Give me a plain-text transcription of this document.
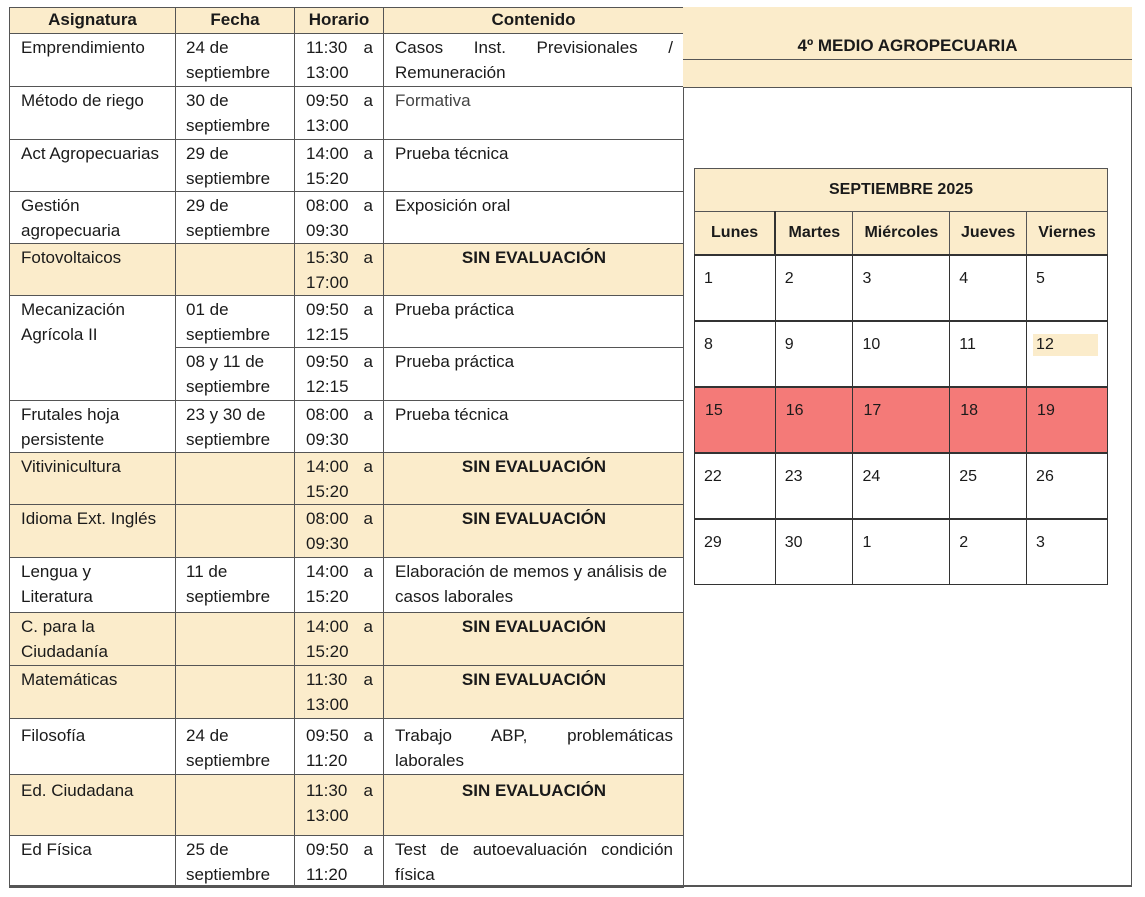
Asignatura	Fecha	Horario	Contenido
Emprendimiento	24 de septiembre	11:30 a 13:00	Casos Inst. Previsionales / Remuneración
Método de riego	30 de septiembre	09:50 a 13:00	Formativa
Act Agropecuarias	29 de septiembre	14:00 a 15:20	Prueba técnica
Gestión agropecuaria	29 de septiembre	08:00 a 09:30	Exposición oral
Fotovoltaicos		15:30 a 17:00	SIN EVALUACIÓN
Mecanización Agrícola II	01 de septiembre	09:50 a 12:15	Prueba práctica
	08 y 11 de septiembre	09:50 a 12:15	Prueba práctica
Frutales hoja persistente	23 y 30 de septiembre	08:00 a 09:30	Prueba técnica
Vitivinicultura		14:00 a 15:20	SIN EVALUACIÓN
Idioma Ext. Inglés		08:00 a 09:30	SIN EVALUACIÓN
Lengua y Literatura	11 de septiembre	14:00 a 15:20	Elaboración de memos y análisis de casos laborales
C. para la Ciudadanía		14:00 a 15:20	SIN EVALUACIÓN
Matemáticas		11:30 a 13:00	SIN EVALUACIÓN
Filosofía	24 de septiembre	09:50 a 11:20	Trabajo ABP, problemáticas laborales
Ed. Ciudadana		11:30 a 13:00	SIN EVALUACIÓN
Ed Física	25 de septiembre	09:50 a 11:20	Test de autoevaluación condición física
4º MEDIO AGROPECUARIA
SEPTIEMBRE 2025				
Lunes	Martes	Miércoles	Jueves	Viernes
1	2	3	4	5
8	9	10	11	12
15	16	17	18	19
22	23	24	25	26
29	30	1	2	3
